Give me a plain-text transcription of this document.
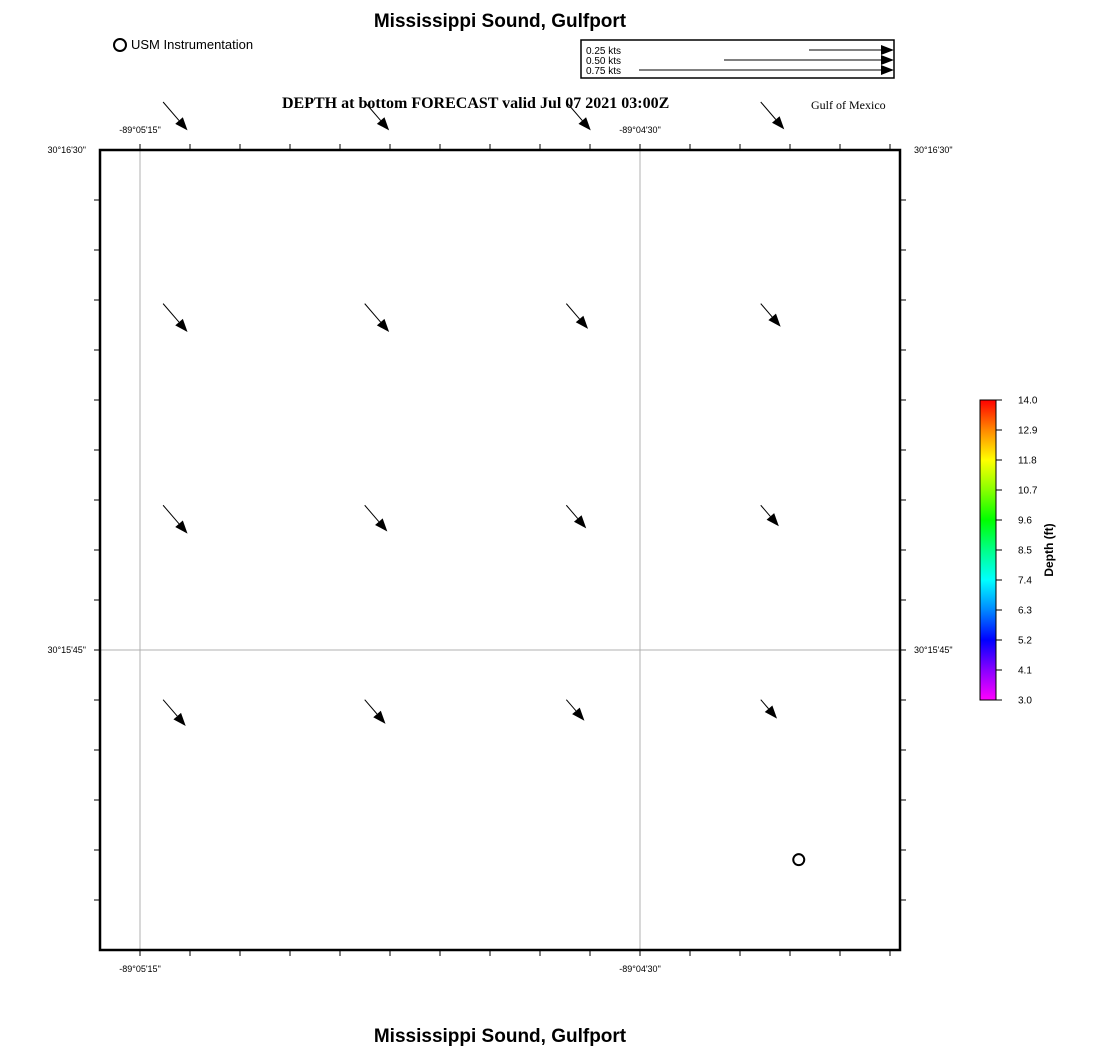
Mississippi Sound, Gulfport
USM Instrumentation
DEPTH at bottom FORECAST valid Jul 07 2021 03:00Z	Gulf of Mexico
Mississippi Sound, Gulfport
0.25 kts
0.50 kts
0.75 kts
-89°05'15"	-89°04'30"
-89°05'15"	-89°04'30"
30°16'30"
30°15'45"
30°16'30"
30°15'45"
14.0
12.9
11.8
10.7
9.6
8.5
7.4
6.3
5.2
4.1
3.0
Depth (ft)
